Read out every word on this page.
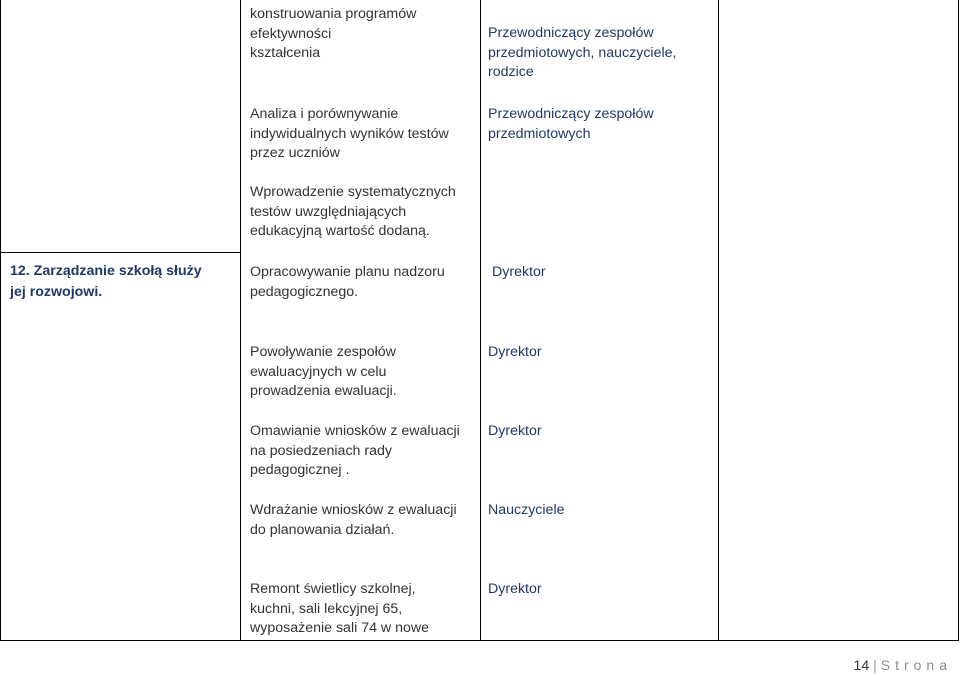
konstruowania programów
efektywności
kształcenia
Analiza i porównywanie
indywidualnych wyników testów
przez uczniów
Wprowadzenie systematycznych
testów uwzględniających
edukacyjną wartość dodaną.
Przewodniczący zespołów
przedmiotowych, nauczyciele,
rodzice
Przewodniczący zespołów
przedmiotowych
12. Zarządzanie szkołą służy
jej rozwojowi.
Opracowywanie planu nadzoru
pedagogicznego.
Powoływanie zespołów
ewaluacyjnych w celu
prowadzenia ewaluacji.
Omawianie wniosków z ewaluacji
na posiedzeniach rady
pedagogicznej .
Wdrażanie wniosków z ewaluacji
do planowania działań.
Remont świetlicy szkolnej,
kuchni, sali lekcyjnej 65,
wyposażenie sali 74 w nowe
Dyrektor
Dyrektor
Dyrektor
Nauczyciele
Dyrektor
14 | Strona
